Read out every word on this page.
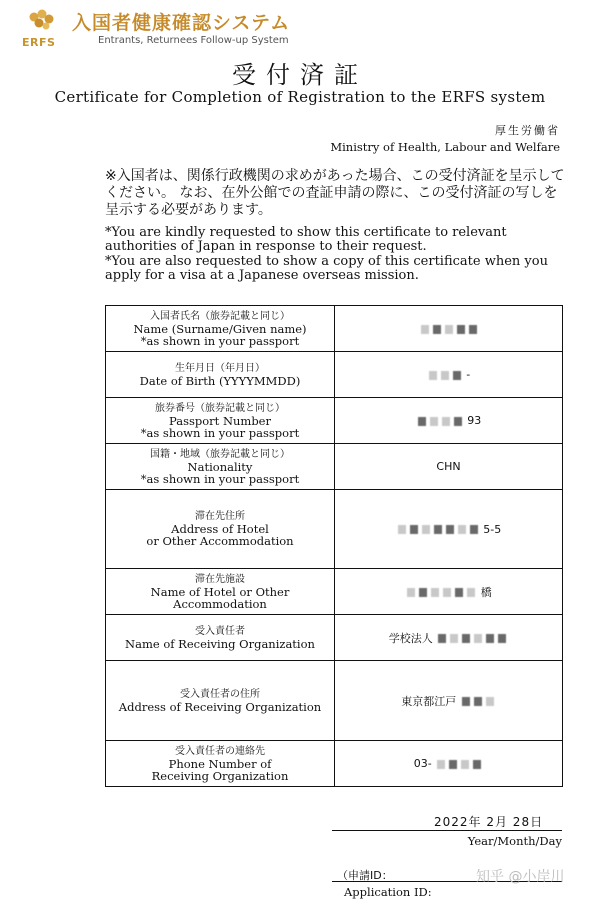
ERFS
入国者健康確認システム
Entrants, Returnees Follow-up System
受付済証
Certificate for Completion of Registration to the ERFS system
厚生労働省
Ministry of Health, Labour and Welfare
※入国者は、関係行政機関の求めがあった場合、この受付済証を呈示してください。 なお、在外公館での査証申請の際に、この受付済証の写しを呈示する必要があります。

*You are kindly requested to show this certificate to relevant authorities of Japan in response to their request.

*You are also requested to show a copy of this certificate when you apply for a visa at a Japanese overseas mission.

入国者氏名（旅券記載と同じ）
Name (Surname/Given name)
*as shown in your passport	

生年月日（年月日）
Date of Birth (YYYYMMDD)	-

旅券番号（旅券記載と同じ）
Passport Number
*as shown in your passport	93

国籍・地域（旅券記載と同じ）
Nationality
*as shown in your passport	CHN

滞在先住所
Address of Hotel
or Other Accommodation	5-5

滞在先施設
Name of Hotel or Other Accommodation	橋

受入責任者
Name of Receiving Organization	学校法人

受入責任者の住所
Address of Receiving Organization	東京都江戸

受入責任者の連絡先
Phone Number of
Receiving Organization	03-
2022年 2月 28日
Year/Month/Day
（申請ID：
Application ID:
知乎 @小岸川
